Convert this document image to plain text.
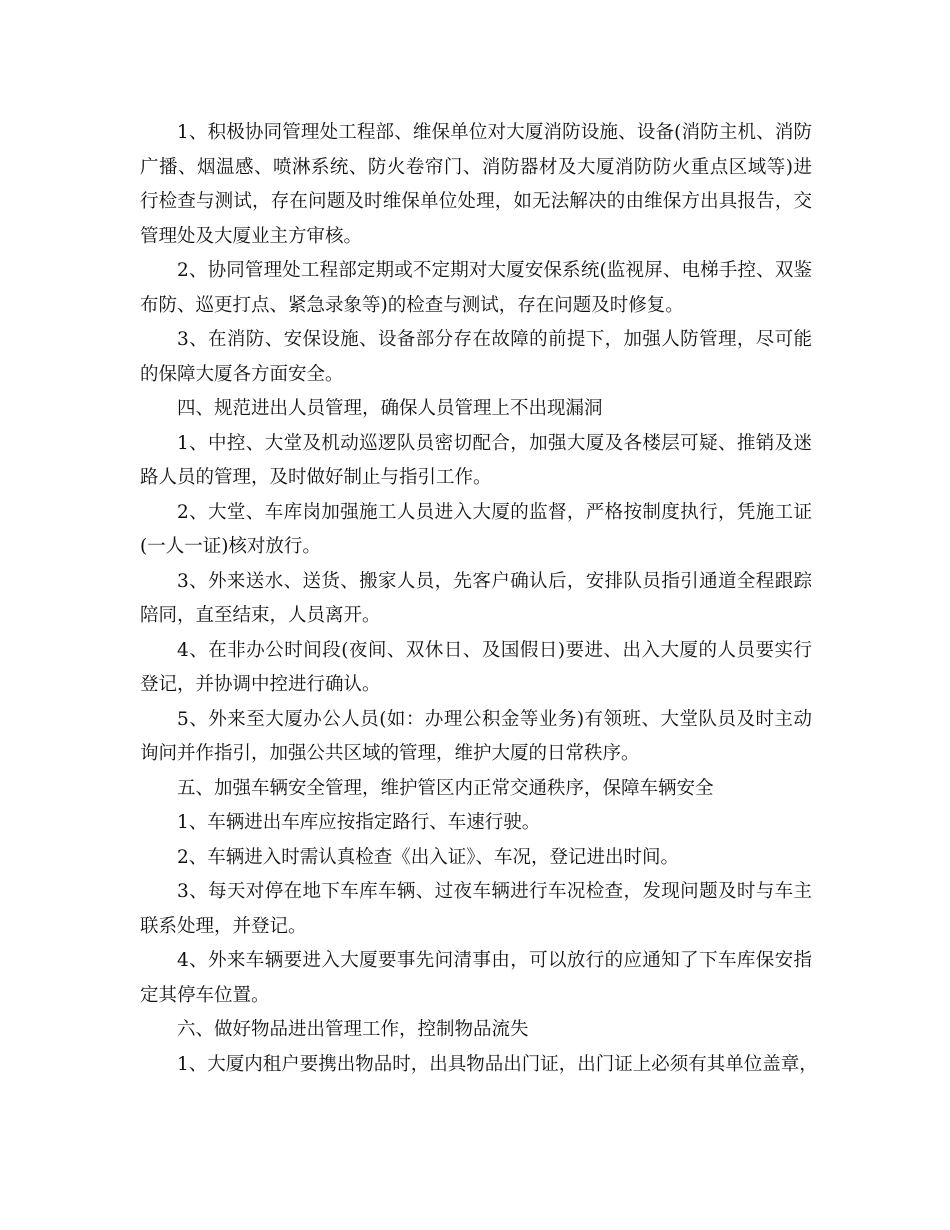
1、积极协同管理处工程部、维保单位对大厦消防设施、设备(消防主机、消防
广播、烟温感、喷淋系统、防火卷帘门、消防器材及大厦消防防火重点区域等)进
行检查与测试，存在问题及时维保单位处理，如无法解决的由维保方出具报告，交
管理处及大厦业主方审核。
2、协同管理处工程部定期或不定期对大厦安保系统(监视屏、电梯手控、双鉴
布防、巡更打点、紧急录象等)的检查与测试，存在问题及时修复。
3、在消防、安保设施、设备部分存在故障的前提下，加强人防管理，尽可能
的保障大厦各方面安全。
四、规范进出人员管理，确保人员管理上不出现漏洞
1、中控、大堂及机动巡逻队员密切配合，加强大厦及各楼层可疑、推销及迷
路人员的管理，及时做好制止与指引工作。
2、大堂、车库岗加强施工人员进入大厦的监督，严格按制度执行，凭施工证
(一人一证)核对放行。
3、外来送水、送货、搬家人员，先客户确认后，安排队员指引通道全程跟踪
陪同，直至结束，人员离开。
4、在非办公时间段(夜间、双休日、及国假日)要进、出入大厦的人员要实行
登记，并协调中控进行确认。
5、外来至大厦办公人员(如：办理公积金等业务)有领班、大堂队员及时主动
询问并作指引，加强公共区域的管理，维护大厦的日常秩序。
五、加强车辆安全管理，维护管区内正常交通秩序，保障车辆安全
1、车辆进出车库应按指定路行、车速行驶。
2、车辆进入时需认真检查《出入证》、车况，登记进出时间。
3、每天对停在地下车库车辆、过夜车辆进行车况检查，发现问题及时与车主
联系处理，并登记。
4、外来车辆要进入大厦要事先问清事由，可以放行的应通知了下车库保安指
定其停车位置。
六、做好物品进出管理工作，控制物品流失
1、大厦内租户要携出物品时，出具物品出门证，出门证上必须有其单位盖章，
